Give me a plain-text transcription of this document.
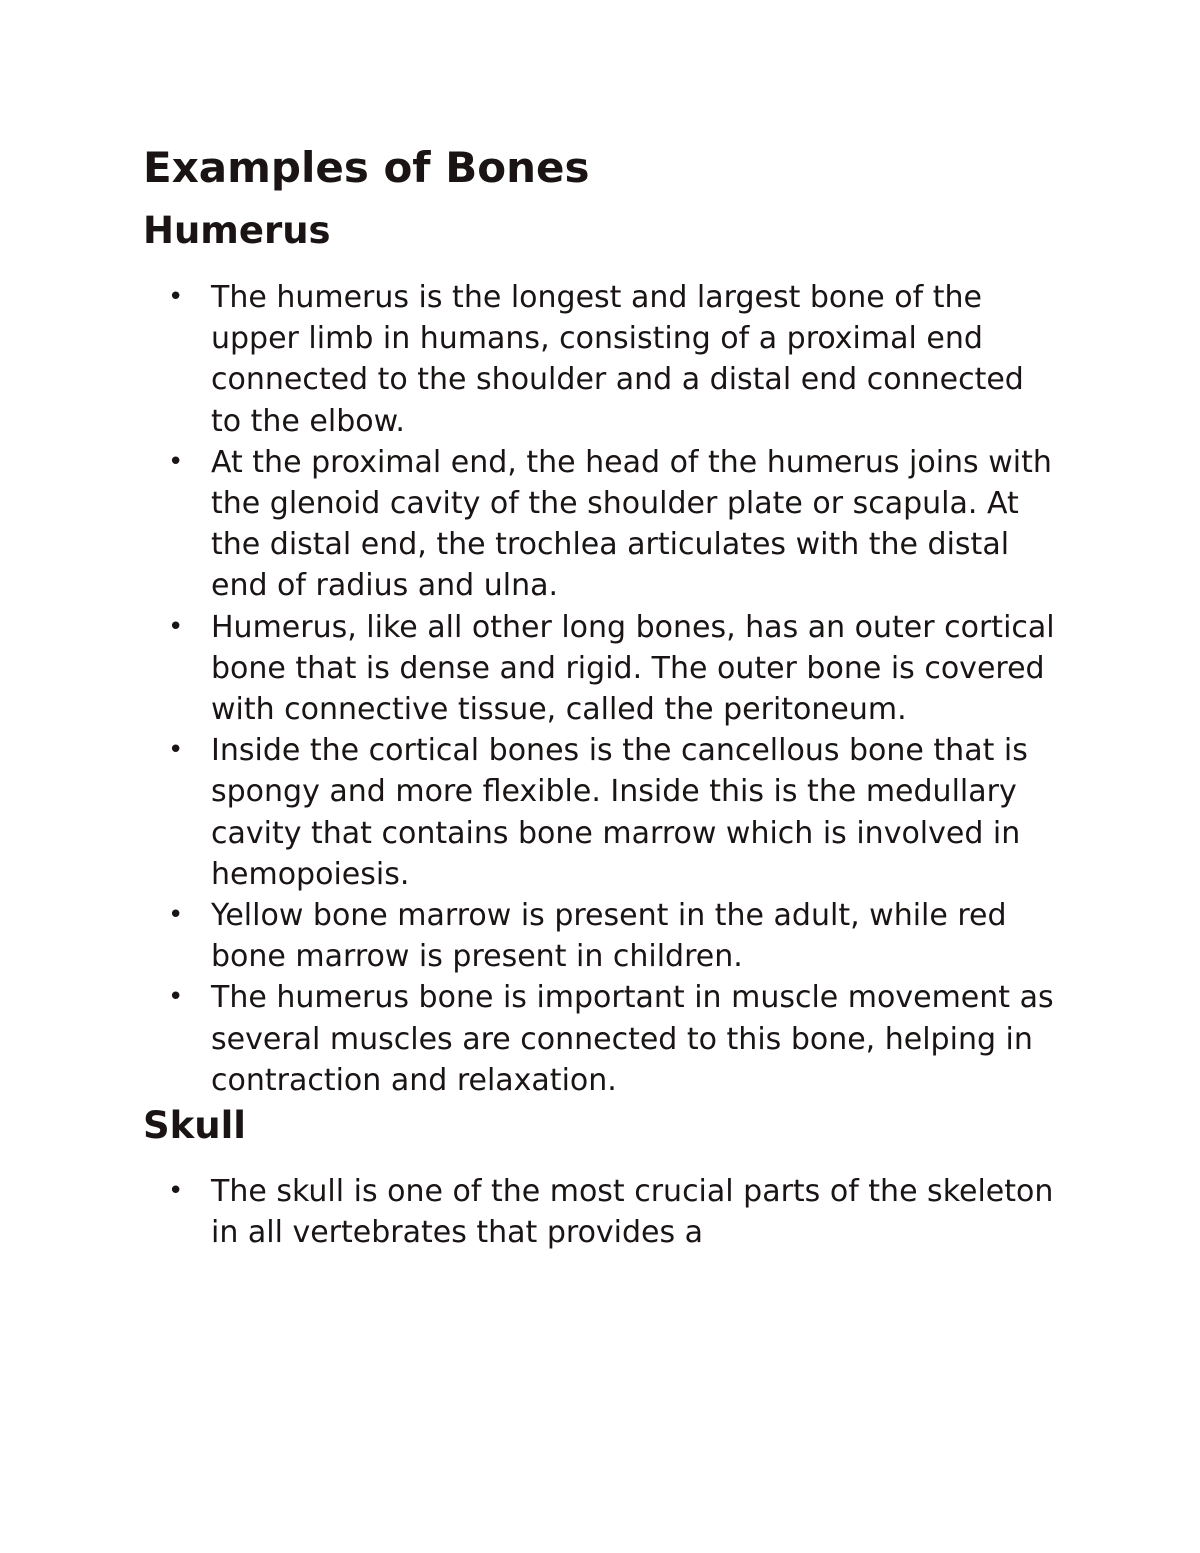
Examples of Bones
Humerus
• The humerus is the longest and largest bone of the upper limb in humans, consisting of a proximal end connected to the shoulder and a distal end connected to the elbow.
• At the proximal end, the head of the humerus joins with the glenoid cavity of the shoulder plate or scapula. At the distal end, the trochlea articulates with the distal end of radius and ulna.
• Humerus, like all other long bones, has an outer cortical bone that is dense and rigid. The outer bone is covered with connective tissue, called the peritoneum.
• Inside the cortical bones is the cancellous bone that is spongy and more flexible. Inside this is the medullary cavity that contains bone marrow which is involved in hemopoiesis.
• Yellow bone marrow is present in the adult, while red bone marrow is present in children.
• The humerus bone is important in muscle movement as several muscles are connected to this bone, helping in contraction and relaxation.
Skull
• The skull is one of the most crucial parts of the skeleton in all vertebrates that provides a
